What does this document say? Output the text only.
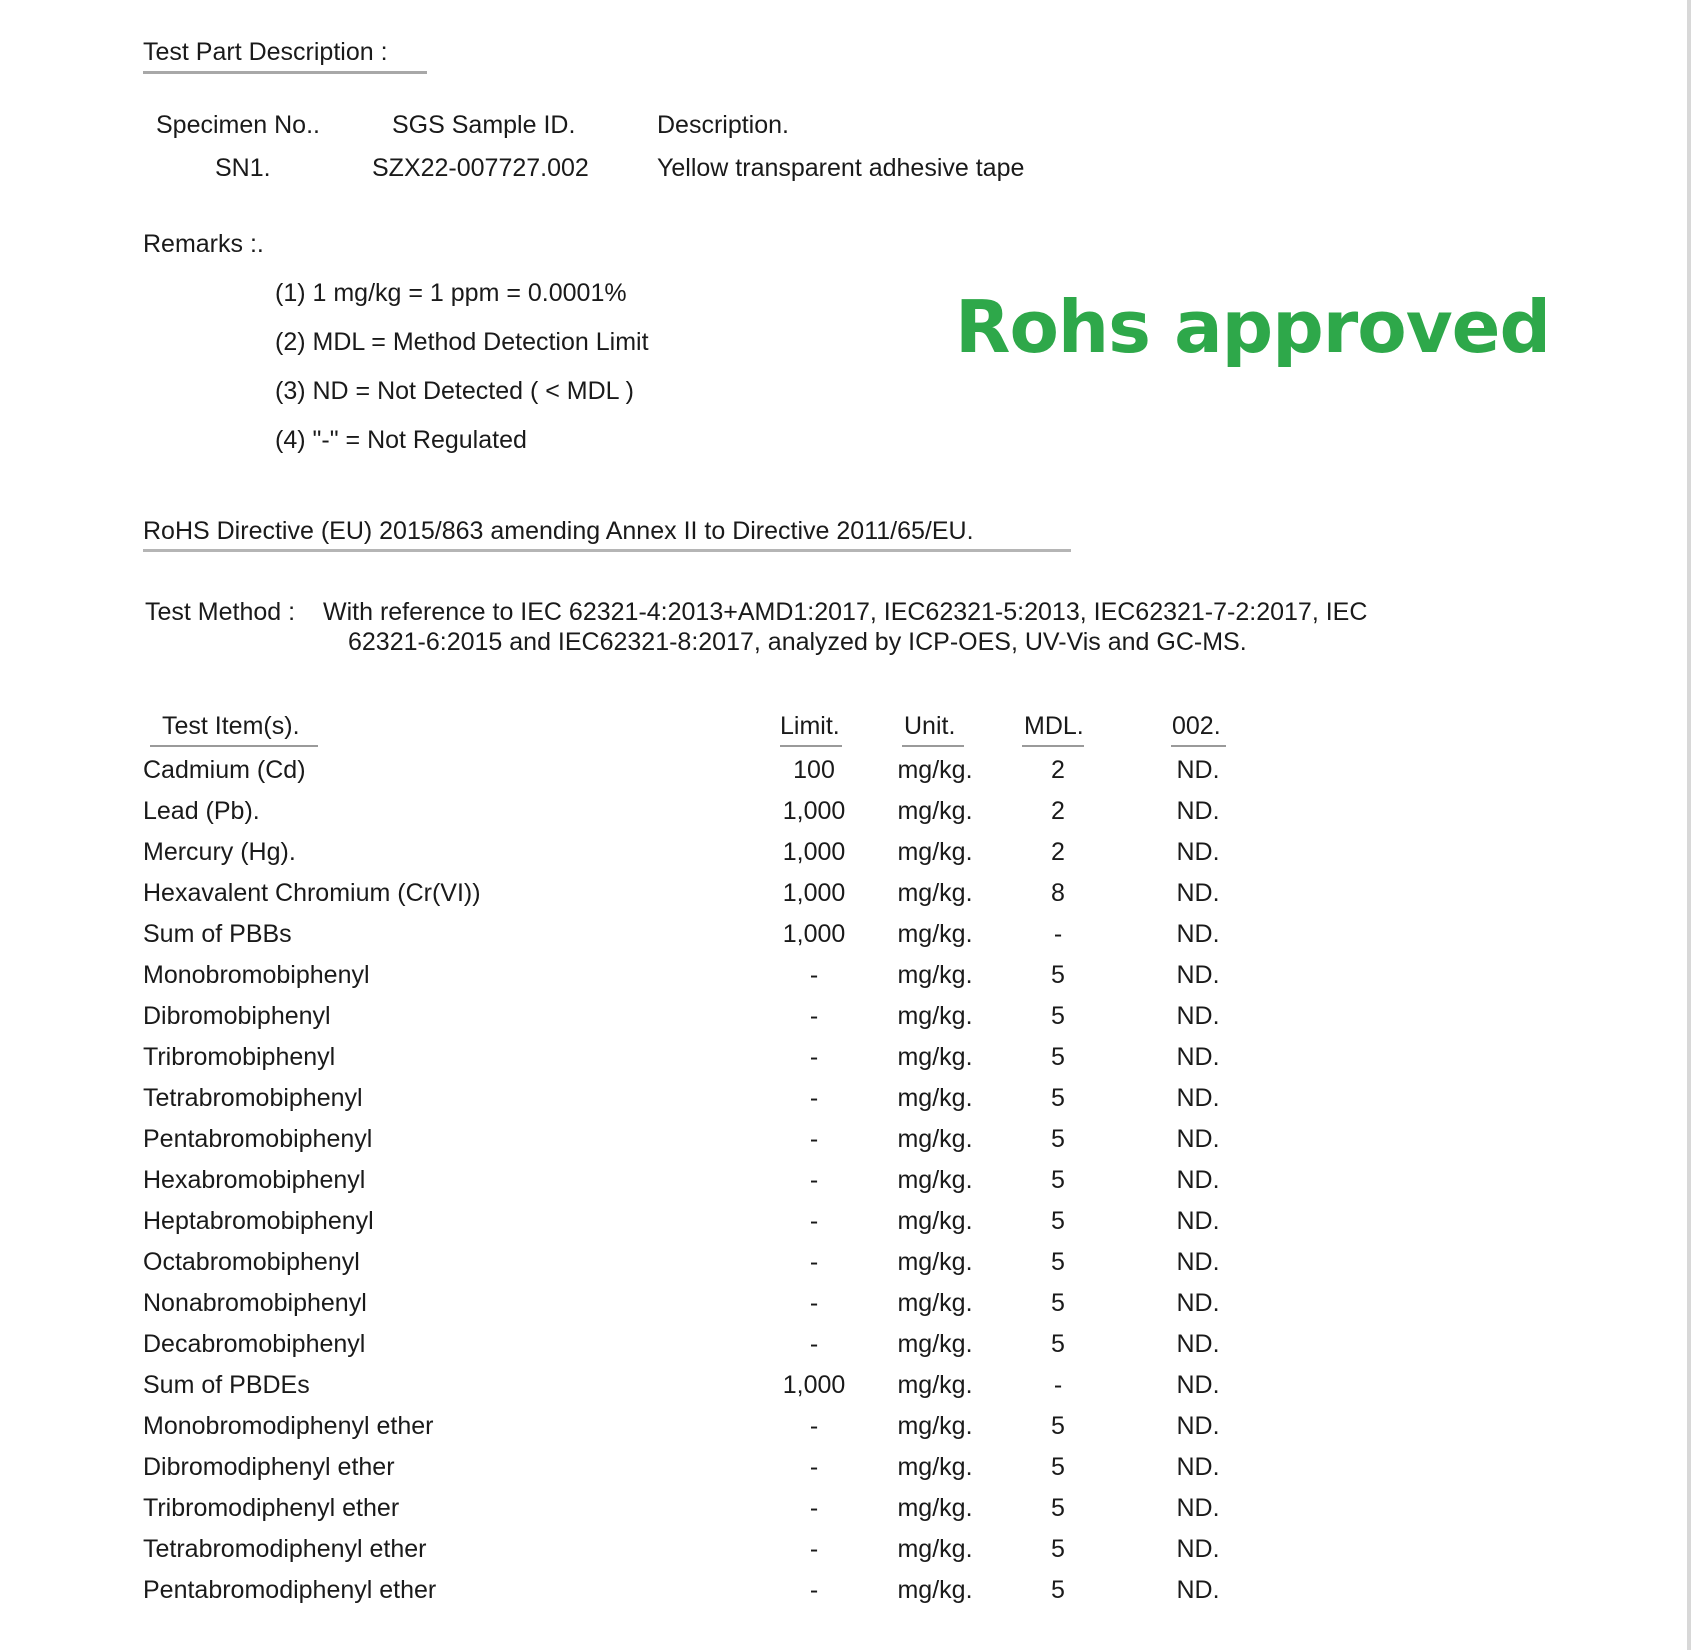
Test Part Description :
Specimen No..	SGS Sample ID.	Description.
SN1.	SZX22-007727.002	Yellow transparent adhesive tape
Remarks :.
(1) 1 mg/kg = 1 ppm = 0.0001%
(2) MDL = Method Detection Limit
(3) ND = Not Detected ( < MDL )
(4) "-" = Not Regulated
Rohs approved
RoHS Directive (EU) 2015/863 amending Annex II to Directive 2011/65/EU.
Test Method : With reference to IEC 62321-4:2013+AMD1:2017, IEC62321-5:2013, IEC62321-7-2:2017, IEC
62321-6:2015 and IEC62321-8:2017, analyzed by ICP-OES, UV-Vis and GC-MS.
Test Item(s).	Limit.	Unit.	MDL.	002.
Cadmium (Cd)	100	mg/kg.	2	ND.
Lead (Pb).	1,000	mg/kg.	2	ND.
Mercury (Hg).	1,000	mg/kg.	2	ND.
Hexavalent Chromium (Cr(VI))	1,000	mg/kg.	8	ND.
Sum of PBBs	1,000	mg/kg.	-	ND.
Monobromobiphenyl	-	mg/kg.	5	ND.
Dibromobiphenyl	-	mg/kg.	5	ND.
Tribromobiphenyl	-	mg/kg.	5	ND.
Tetrabromobiphenyl	-	mg/kg.	5	ND.
Pentabromobiphenyl	-	mg/kg.	5	ND.
Hexabromobiphenyl	-	mg/kg.	5	ND.
Heptabromobiphenyl	-	mg/kg.	5	ND.
Octabromobiphenyl	-	mg/kg.	5	ND.
Nonabromobiphenyl	-	mg/kg.	5	ND.
Decabromobiphenyl	-	mg/kg.	5	ND.
Sum of PBDEs	1,000	mg/kg.	-	ND.
Monobromodiphenyl ether	-	mg/kg.	5	ND.
Dibromodiphenyl ether	-	mg/kg.	5	ND.
Tribromodiphenyl ether	-	mg/kg.	5	ND.
Tetrabromodiphenyl ether	-	mg/kg.	5	ND.
Pentabromodiphenyl ether	-	mg/kg.	5	ND.
